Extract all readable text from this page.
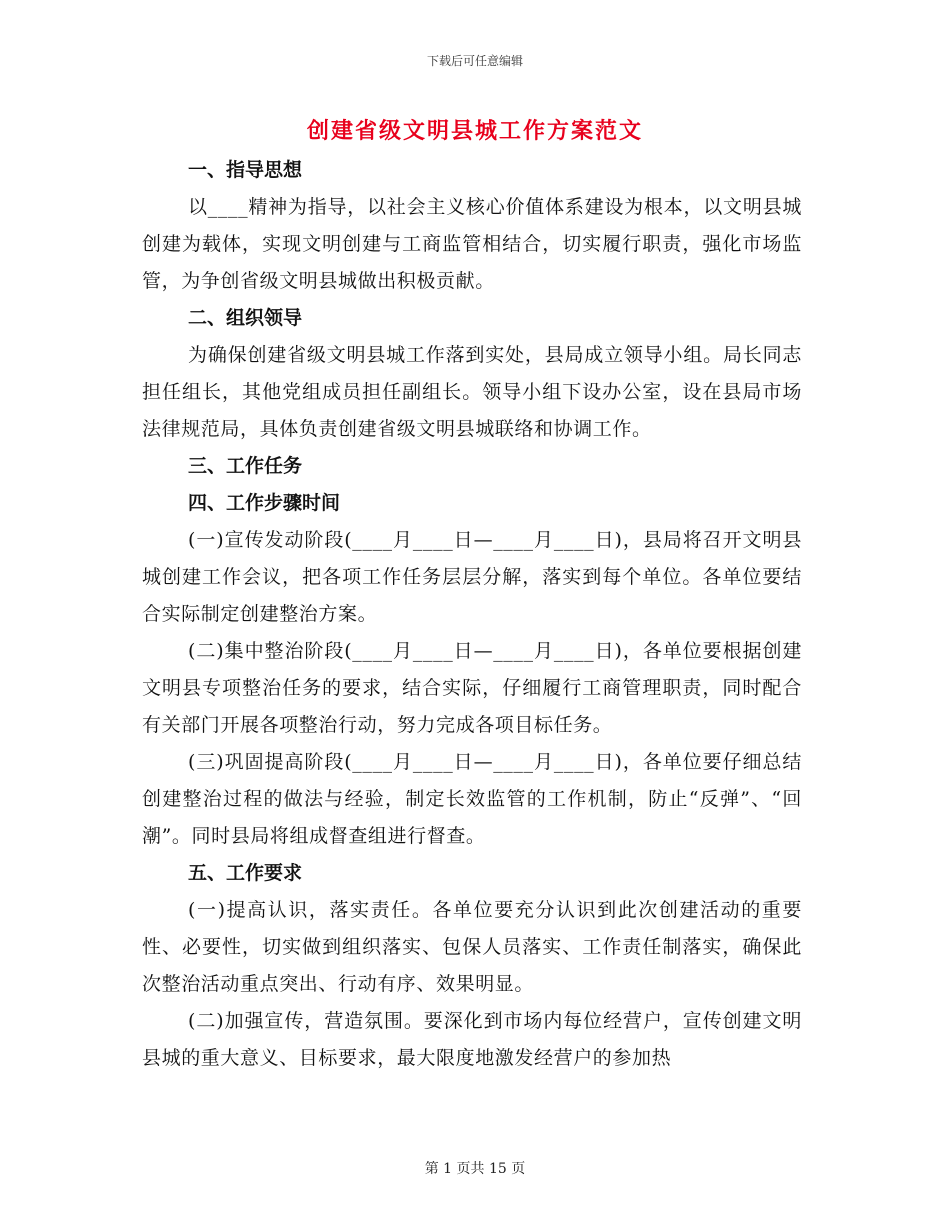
下载后可任意编辑
创建省级文明县城工作方案范文
一、指导思想

以____精神为指导，以社会主义核心价值体系建设为根本，以文明县城创建为载体，实现文明创建与工商监管相结合，切实履行职责，强化市场监管，为争创省级文明县城做出积极贡献。

二、组织领导

为确保创建省级文明县城工作落到实处，县局成立领导小组。局长同志担任组长，其他党组成员担任副组长。领导小组下设办公室，设在县局市场法律规范局，具体负责创建省级文明县城联络和协调工作。

三、工作任务
四、工作步骤时间

(一)宣传发动阶段(____月____日—____月____日)，县局将召开文明县城创建工作会议，把各项工作任务层层分解，落实到每个单位。各单位要结合实际制定创建整治方案。

(二)集中整治阶段(____月____日—____月____日)，各单位要根据创建文明县专项整治任务的要求，结合实际，仔细履行工商管理职责，同时配合有关部门开展各项整治行动，努力完成各项目标任务。

(三)巩固提高阶段(____月____日—____月____日)，各单位要仔细总结创建整治过程的做法与经验，制定长效监管的工作机制，防止“反弹”、“回潮”。同时县局将组成督查组进行督查。

五、工作要求

(一)提高认识，落实责任。各单位要充分认识到此次创建活动的重要性、必要性，切实做到组织落实、包保人员落实、工作责任制落实，确保此次整治活动重点突出、行动有序、效果明显。

(二)加强宣传，营造氛围。要深化到市场内每位经营户，宣传创建文明县城的重大意义、目标要求，最大限度地激发经营户的参加热

第 1 页共 15 页
